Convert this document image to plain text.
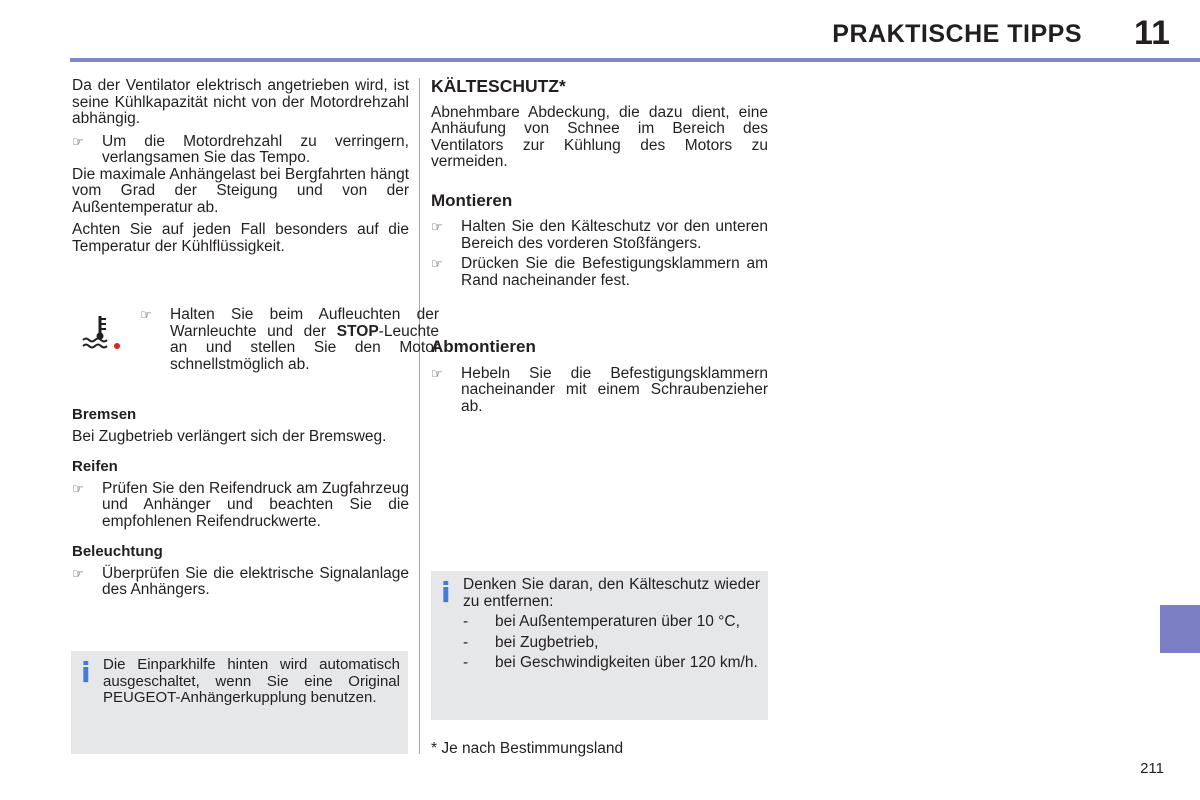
PRAKTISCHE TIPPS 11

Da der Ventilator elektrisch angetrieben wird, ist seine Kühlkapazität nicht von der Motordrehzahl abhängig.

☞ Um die Motordrehzahl zu verringern, verlangsamen Sie das Tempo.

Die maximale Anhängelast bei Bergfahrten hängt vom Grad der Steigung und von der Außentemperatur ab.

Achten Sie auf jeden Fall besonders auf die Temperatur der Kühlflüssigkeit.

☞ Halten Sie beim Aufleuchten der Warnleuchte und der STOP-Leuchte an und stellen Sie den Motor schnellstmöglich ab.
Bremsen

Bei Zugbetrieb verlängert sich der Bremsweg.

Reifen
☞ Prüfen Sie den Reifendruck am Zugfahrzeug und Anhänger und beachten Sie die empfohlenen Reifendruckwerte.
Beleuchtung
☞ Überprüfen Sie die elektrische Signalanlage des Anhängers.
i Die Einparkhilfe hinten wird automatisch ausgeschaltet, wenn Sie eine Original PEUGEOT-Anhängerkupplung benutzen.

KÄLTESCHUTZ*

Abnehmbare Abdeckung, die dazu dient, eine Anhäufung von Schnee im Bereich des Ventilators zur Kühlung des Motors zu vermeiden.

Montieren
☞ Halten Sie den Kälteschutz vor den unteren Bereich des vorderen Stoßfängers.
☞ Drücken Sie die Befestigungsklammern am Rand nacheinander fest.
Abmontieren
☞ Hebeln Sie die Befestigungsklammern nacheinander mit einem Schraubenzieher ab.
i Denken Sie daran, den Kälteschutz wieder zu entfernen:

- bei Außentemperaturen über 10 °C,
- bei Zugbetrieb,
- bei Geschwindigkeiten über 120 km/h.
* Je nach Bestimmungsland
211
